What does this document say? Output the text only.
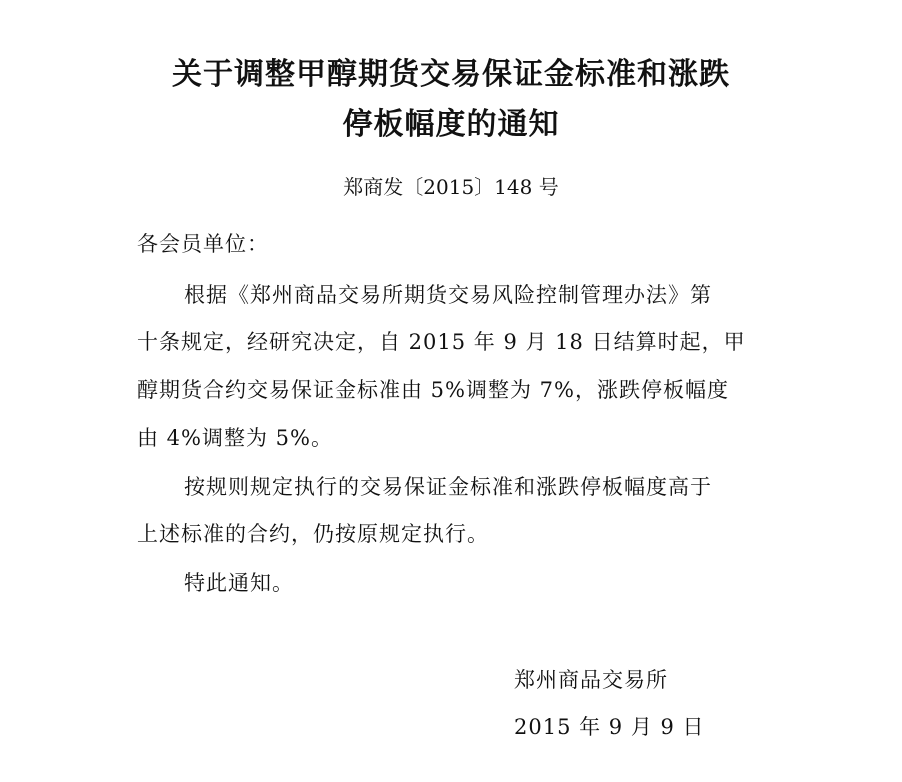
关于调整甲醇期货交易保证金标准和涨跌
停板幅度的通知
郑商发〔2015〕148 号
各会员单位：
根据《郑州商品交易所期货交易风险控制管理办法》第
十条规定，经研究决定，自 2015 年 9 月 18 日结算时起，甲
醇期货合约交易保证金标准由 5%调整为 7%，涨跌停板幅度
由 4%调整为 5%。
按规则规定执行的交易保证金标准和涨跌停板幅度高于
上述标准的合约，仍按原规定执行。
特此通知。
郑州商品交易所
2015 年 9 月 9 日
